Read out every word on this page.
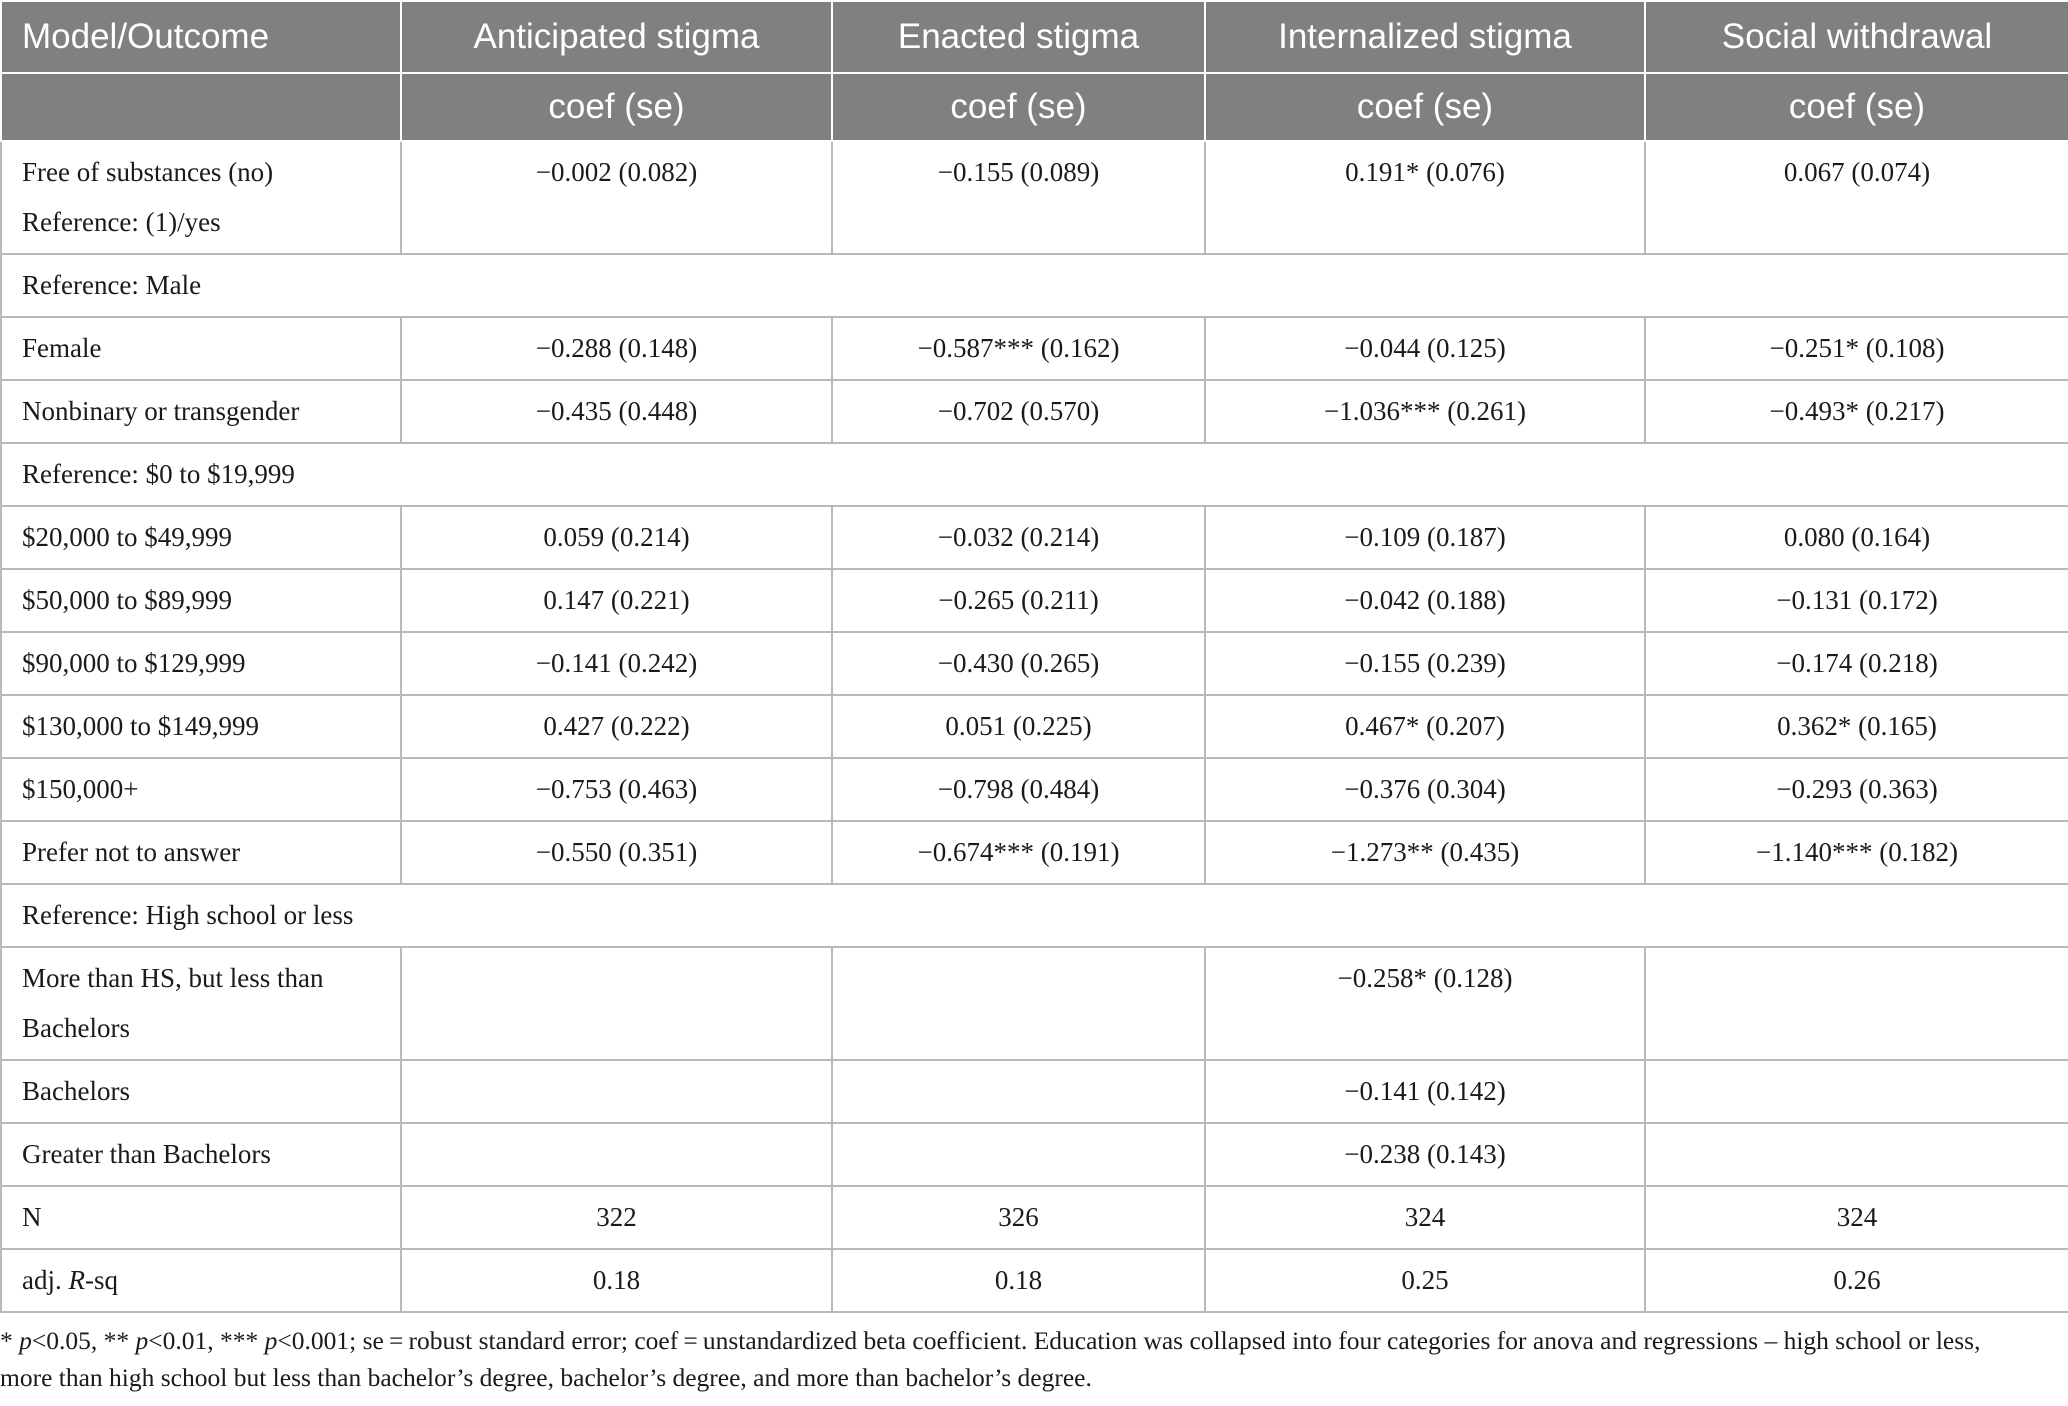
Model/Outcome	Anticipated stigma	Enacted stigma	Internalized stigma	Social withdrawal
	coef (se)	coef (se)	coef (se)	coef (se)
Free of substances (no)
Reference: (1)/yes	−0.002 (0.082)	−0.155 (0.089)	0.191* (0.076)	0.067 (0.074)
Reference: Male				
Female	−0.288 (0.148)	−0.587*** (0.162)	−0.044 (0.125)	−0.251* (0.108)
Nonbinary or transgender	−0.435 (0.448)	−0.702 (0.570)	−1.036*** (0.261)	−0.493* (0.217)
Reference: $0 to $19,999				
$20,000 to $49,999	0.059 (0.214)	−0.032 (0.214)	−0.109 (0.187)	0.080 (0.164)
$50,000 to $89,999	0.147 (0.221)	−0.265 (0.211)	−0.042 (0.188)	−0.131 (0.172)
$90,000 to $129,999	−0.141 (0.242)	−0.430 (0.265)	−0.155 (0.239)	−0.174 (0.218)
$130,000 to $149,999	0.427 (0.222)	0.051 (0.225)	0.467* (0.207)	0.362* (0.165)
$150,000+	−0.753 (0.463)	−0.798 (0.484)	−0.376 (0.304)	−0.293 (0.363)
Prefer not to answer	−0.550 (0.351)	−0.674*** (0.191)	−1.273** (0.435)	−1.140*** (0.182)
Reference: High school or less				
More than HS, but less than
Bachelors			−0.258* (0.128)	
Bachelors			−0.141 (0.142)	
Greater than Bachelors			−0.238 (0.143)	
N	322	326	324	324
adj. R-sq	0.18	0.18	0.25	0.26

* p<0.05, ** p<0.01, *** p<0.001; se = robust standard error; coef = unstandardized beta coefficient. Education was collapsed into four categories for anova and regressions – high school or less,
more than high school but less than bachelor’s degree, bachelor’s degree, and more than bachelor’s degree.
